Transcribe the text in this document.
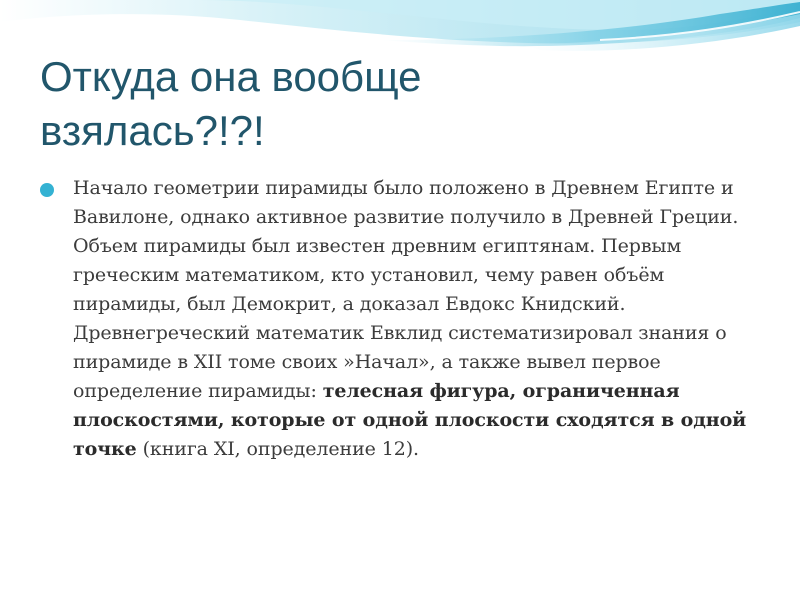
Откуда она вообще взялась?!?!
Начало геометрии пирамиды было положено в Древнем Египте и Вавилоне, однако активное развитие получило в Древней Греции. Объем пирамиды был известен древним египтянам. Первым греческим математиком, кто установил, чему равен объём пирамиды, был Демокрит, а доказал Евдокс Книдский. Древнегреческий математик Евклид систематизировал знания о пирамиде в XII томе своих »Начал», а также вывел первое определение пирамиды: телесная фигура, ограниченная плоскостями, которые от одной плоскости сходятся в одной точке (книга XI, определение 12).
